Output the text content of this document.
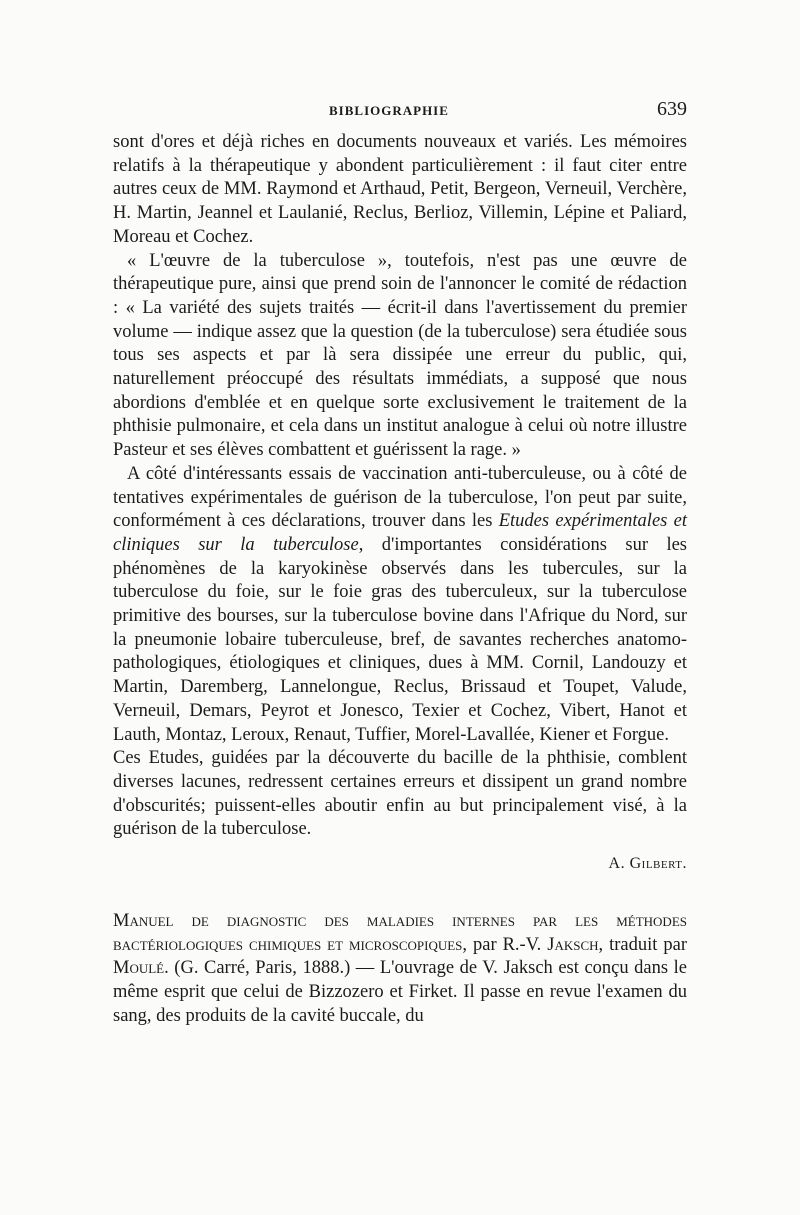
BIBLIOGRAPHIE	639

sont d'ores et déjà riches en documents nouveaux et variés. Les mémoires relatifs à la thérapeutique y abondent particulièrement : il faut citer entre autres ceux de MM. Raymond et Arthaud, Petit, Bergeon, Verneuil, Verchère, H. Martin, Jeannel et Laulanié, Reclus, Berlioz, Villemin, Lépine et Paliard, Moreau et Cochez.

« L'œuvre de la tuberculose », toutefois, n'est pas une œuvre de thérapeutique pure, ainsi que prend soin de l'annoncer le comité de rédaction : « La variété des sujets traités — écrit-il dans l'avertissement du premier volume — indique assez que la question (de la tuberculose) sera étudiée sous tous ses aspects et par là sera dissipée une erreur du public, qui, naturellement préoccupé des résultats immédiats, a supposé que nous abordions d'emblée et en quelque sorte exclusivement le traitement de la phthisie pulmonaire, et cela dans un institut analogue à celui où notre illustre Pasteur et ses élèves combattent et guérissent la rage. »

A côté d'intéressants essais de vaccination anti-tuberculeuse, ou à côté de tentatives expérimentales de guérison de la tuberculose, l'on peut par suite, conformément à ces déclarations, trouver dans les Etudes expérimentales et cliniques sur la tuberculose, d'importantes considérations sur les phénomènes de la karyokinèse observés dans les tubercules, sur la tuberculose du foie, sur le foie gras des tuberculeux, sur la tuberculose primitive des bourses, sur la tuberculose bovine dans l'Afrique du Nord, sur la pneumonie lobaire tuberculeuse, bref, de savantes recherches anatomo-pathologiques, étiologiques et cliniques, dues à MM. Cornil, Landouzy et Martin, Daremberg, Lannelongue, Reclus, Brissaud et Toupet, Valude, Verneuil, Demars, Peyrot et Jonesco, Texier et Cochez, Vibert, Hanot et Lauth, Montaz, Leroux, Renaut, Tuffier, Morel-Lavallée, Kiener et Forgue.

Ces Etudes, guidées par la découverte du bacille de la phthisie, comblent diverses lacunes, redressent certaines erreurs et dissipent un grand nombre d'obscurités; puissent-elles aboutir enfin au but principalement visé, à la guérison de la tuberculose.

A. Gilbert.

Manuel de diagnostic des maladies internes par les méthodes bactériologiques chimiques et microscopiques, par R.-V. Jaksch, traduit par Moulé. (G. Carré, Paris, 1888.) — L'ouvrage de V. Jaksch est conçu dans le même esprit que celui de Bizzozero et Firket. Il passe en revue l'examen du sang, des produits de la cavité buccale, du
